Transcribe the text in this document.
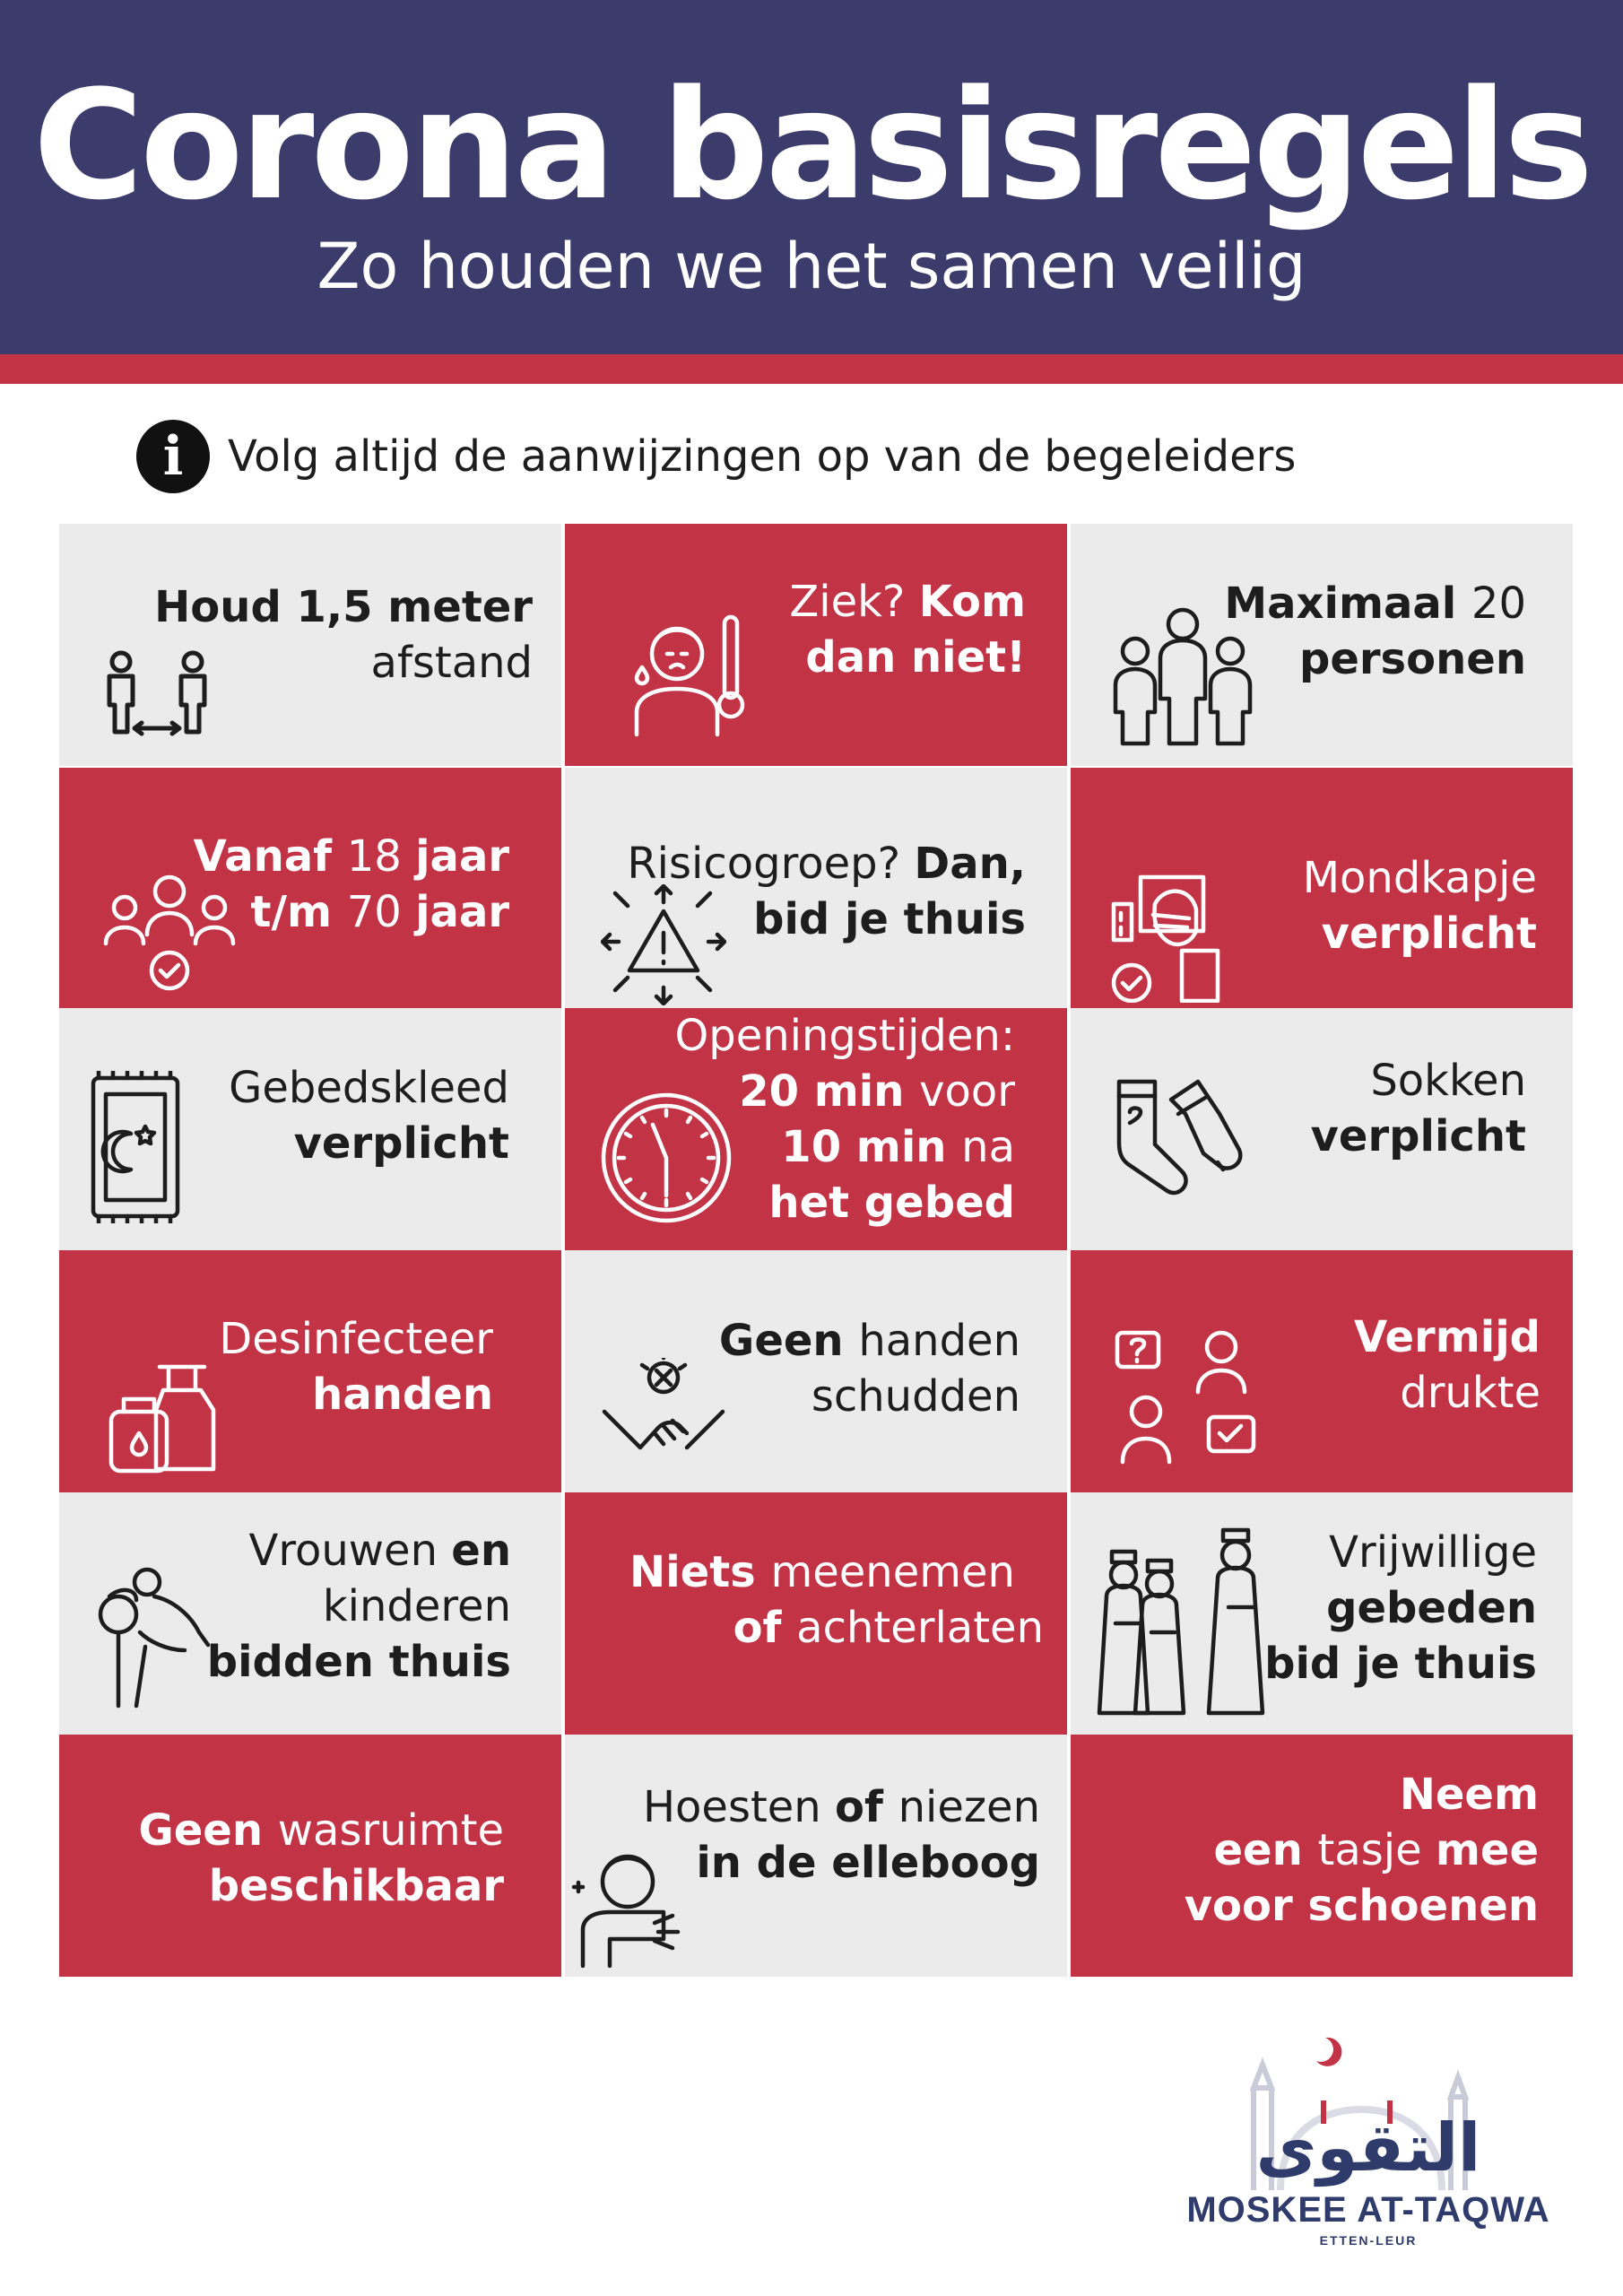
Corona basisregels
Zo houden we het samen veilig
i	Volg altijd de aanwijzingen op van de begeleiders
Houd 1,5 meter
afstand
Ziek? Kom
dan niet!
Maximaal 20
personen
Vanaf 18 jaar
t/m 70 jaar
Risicogroep? Dan,
bid je thuis
Mondkapje
verplicht
Gebedskleed
verplicht
Openingstijden:
20 min voor
10 min na
het gebed
Sokken
verplicht
Desinfecteer
handen
Geen handen
schudden
Vermijd
drukte
Vrouwen en
kinderen
bidden thuis
Niets meenemen
of achterlaten
Vrijwillige
gebeden
bid je thuis
Geen wasruimte
beschikbaar
Hoesten of niezen
in de elleboog
Neem
een tasje mee
voor schoenen
التقوى
MOSKEE AT-TAQWA
ETTEN-LEUR
